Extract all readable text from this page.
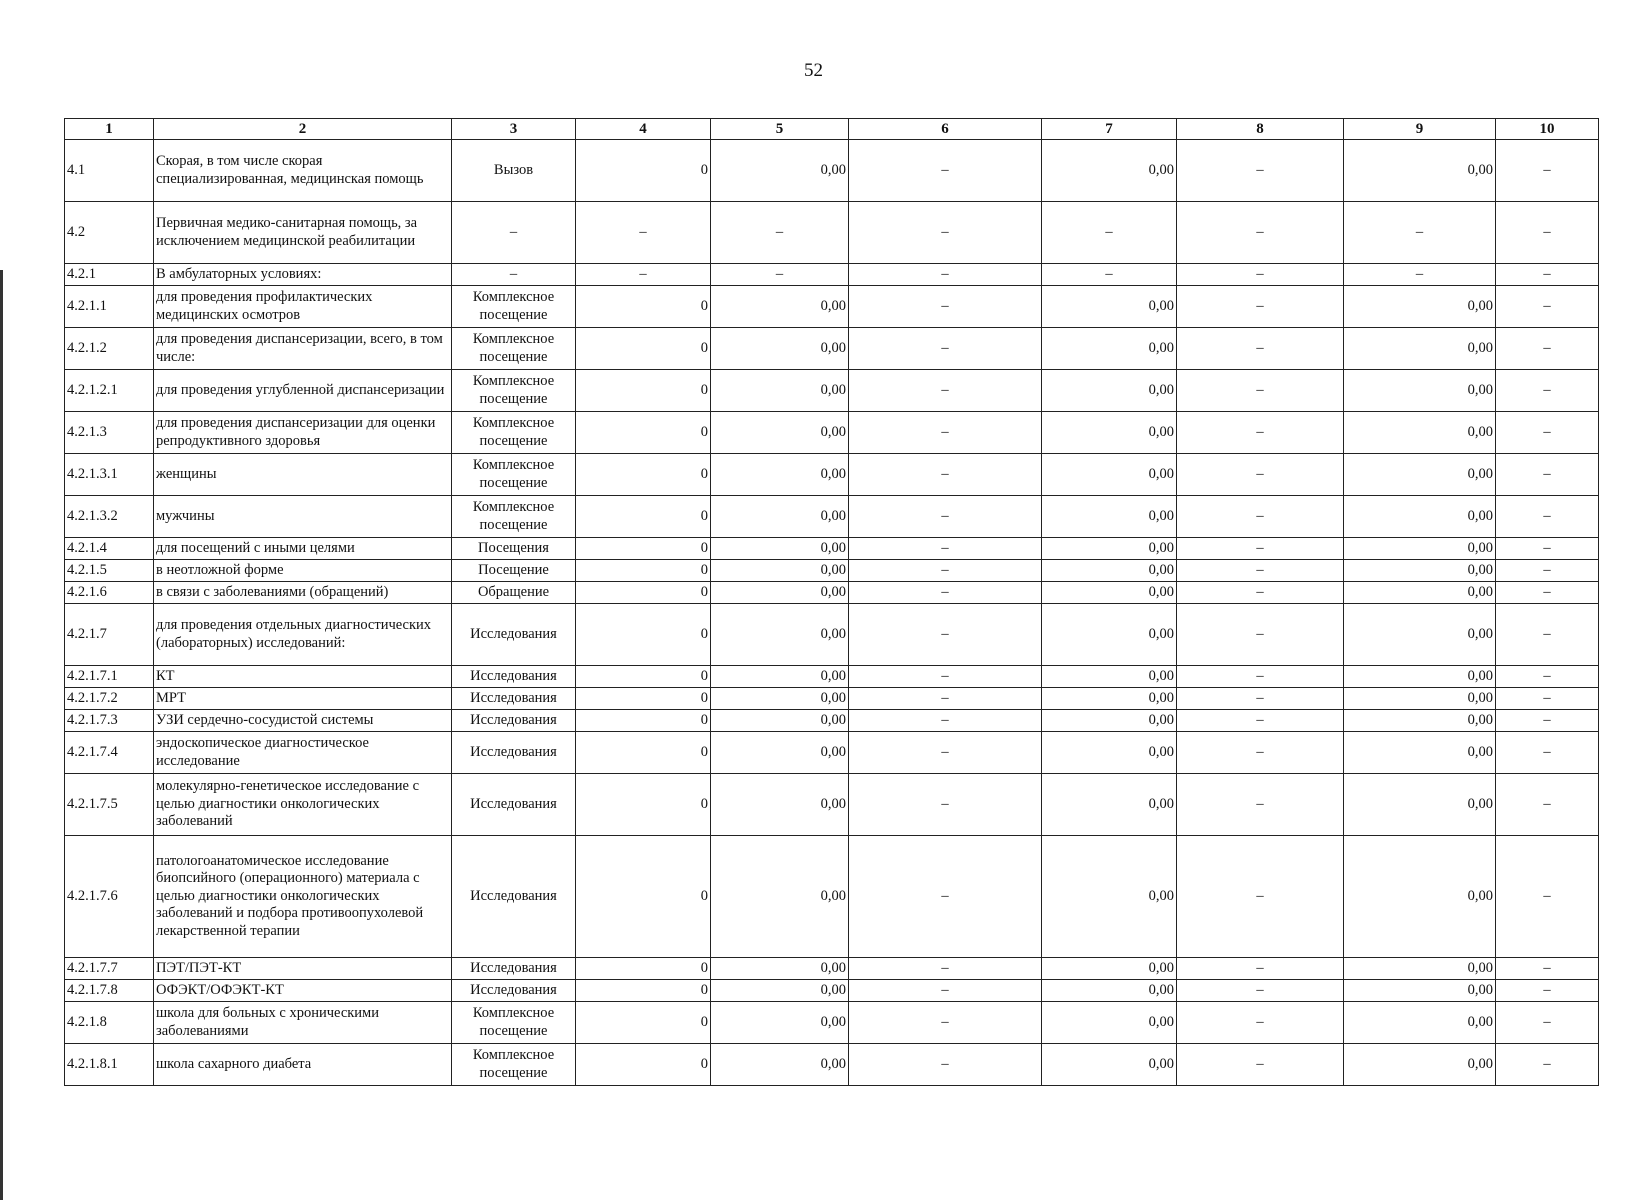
52
1	2	3	4	5	6	7	8	9	10
4.1	Скорая, в том числе скорая специализированная, медицинская помощь	Вызов	0	0,00	–	0,00	–	0,00	–
4.2	Первичная медико-санитарная помощь, за исключением медицинской реабилитации	–	–	–	–	–	–	–	–
4.2.1	В амбулаторных условиях:	–	–	–	–	–	–	–	–
4.2.1.1	для проведения профилактических медицинских осмотров	Комплексное посещение	0	0,00	–	0,00	–	0,00	–
4.2.1.2	для проведения диспансеризации, всего, в том числе:	Комплексное посещение	0	0,00	–	0,00	–	0,00	–
4.2.1.2.1	для проведения углубленной диспансеризации	Комплексное посещение	0	0,00	–	0,00	–	0,00	–
4.2.1.3	для проведения диспансеризации для оценки репродуктивного здоровья	Комплексное посещение	0	0,00	–	0,00	–	0,00	–
4.2.1.3.1	женщины	Комплексное посещение	0	0,00	–	0,00	–	0,00	–
4.2.1.3.2	мужчины	Комплексное посещение	0	0,00	–	0,00	–	0,00	–
4.2.1.4	для посещений с иными целями	Посещения	0	0,00	–	0,00	–	0,00	–
4.2.1.5	в неотложной форме	Посещение	0	0,00	–	0,00	–	0,00	–
4.2.1.6	в связи с заболеваниями (обращений)	Обращение	0	0,00	–	0,00	–	0,00	–
4.2.1.7	для проведения отдельных диагностических (лабораторных) исследований:	Исследования	0	0,00	–	0,00	–	0,00	–
4.2.1.7.1	КТ	Исследования	0	0,00	–	0,00	–	0,00	–
4.2.1.7.2	МРТ	Исследования	0	0,00	–	0,00	–	0,00	–
4.2.1.7.3	УЗИ сердечно-сосудистой системы	Исследования	0	0,00	–	0,00	–	0,00	–
4.2.1.7.4	эндоскопическое диагностическое исследование	Исследования	0	0,00	–	0,00	–	0,00	–
4.2.1.7.5	молекулярно-генетическое исследование с целью диагностики онкологических заболеваний	Исследования	0	0,00	–	0,00	–	0,00	–
4.2.1.7.6	патологоанатомическое исследование биопсийного (операционного) материала с целью диагностики онкологических заболеваний и подбора противоопухолевой лекарственной терапии	Исследования	0	0,00	–	0,00	–	0,00	–
4.2.1.7.7	ПЭТ/ПЭТ-КТ	Исследования	0	0,00	–	0,00	–	0,00	–
4.2.1.7.8	ОФЭКТ/ОФЭКТ-КТ	Исследования	0	0,00	–	0,00	–	0,00	–
4.2.1.8	школа для больных с хроническими заболеваниями	Комплексное посещение	0	0,00	–	0,00	–	0,00	–
4.2.1.8.1	школа сахарного диабета	Комплексное посещение	0	0,00	–	0,00	–	0,00	–
